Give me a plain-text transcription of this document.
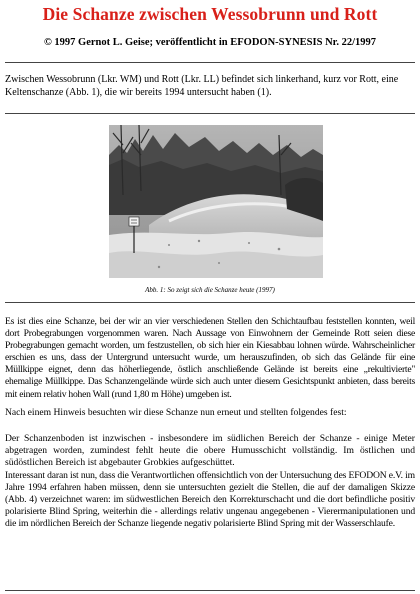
Die Schanze zwischen Wessobrunn und Rott
© 1997 Gernot L. Geise; veröffentlicht in EFODON-SYNESIS Nr. 22/1997
Zwischen Wessobrunn (Lkr. WM) und Rott (Lkr. LL) befindet sich linkerhand, kurz vor Rott, eine Keltenschanze (Abb. 1), die wir bereits 1994 untersucht haben (1).
Abb. 1: So zeigt sich die Schanze heute (1997)
Es ist dies eine Schanze, bei der wir an vier verschiedenen Stellen den Schichtaufbau feststellen konnten, weil dort Probegrabungen vorgenommen waren. Nach Aussage von Einwohnern der Gemeinde Rott seien diese Probegrabungen gemacht worden, um festzustellen, ob sich hier ein Kiesabbau lohnen würde. Wahrscheinlicher erschien es uns, dass der Untergrund untersucht wurde, um herauszufinden, ob sich das Gelände für eine Müllkippe eignet, denn das höherliegende, östlich anschließende Gelände ist bereits eine „rekultivierte" ehemalige Müllkippe. Das Schanzengelände würde sich auch unter diesem Gesichtspunkt anbieten, dass bereits mit einem relativ hohen Wall (rund 1,80 m Höhe) umgeben ist.
Nach einem Hinweis besuchten wir diese Schanze nun erneut und stellten folgendes fest:
Der Schanzenboden ist inzwischen - insbesondere im südlichen Bereich der Schanze - einige Meter abgetragen worden, zumindest fehlt heute die obere Humusschicht vollständig. Im östlichen und südöstlichen Bereich ist abgebauter Grobkies aufgeschüttet.
Interessant daran ist nun, dass die Verantwortlichen offensichtlich von der Untersuchung des EFODON e.V. im Jahre 1994 erfahren haben müssen, denn sie untersuchten gezielt die Stellen, die auf der damaligen Skizze (Abb. 4) verzeichnet waren: im südwestlichen Bereich den Korrekturschacht und die dort befindliche positiv polarisierte Blind Spring, weiterhin die - allerdings relativ ungenau angegebenen - Vierermanipulationen und die im nördlichen Bereich der Schanze liegende negativ polarisierte Blind Spring mit der Wasserschlaufe.
